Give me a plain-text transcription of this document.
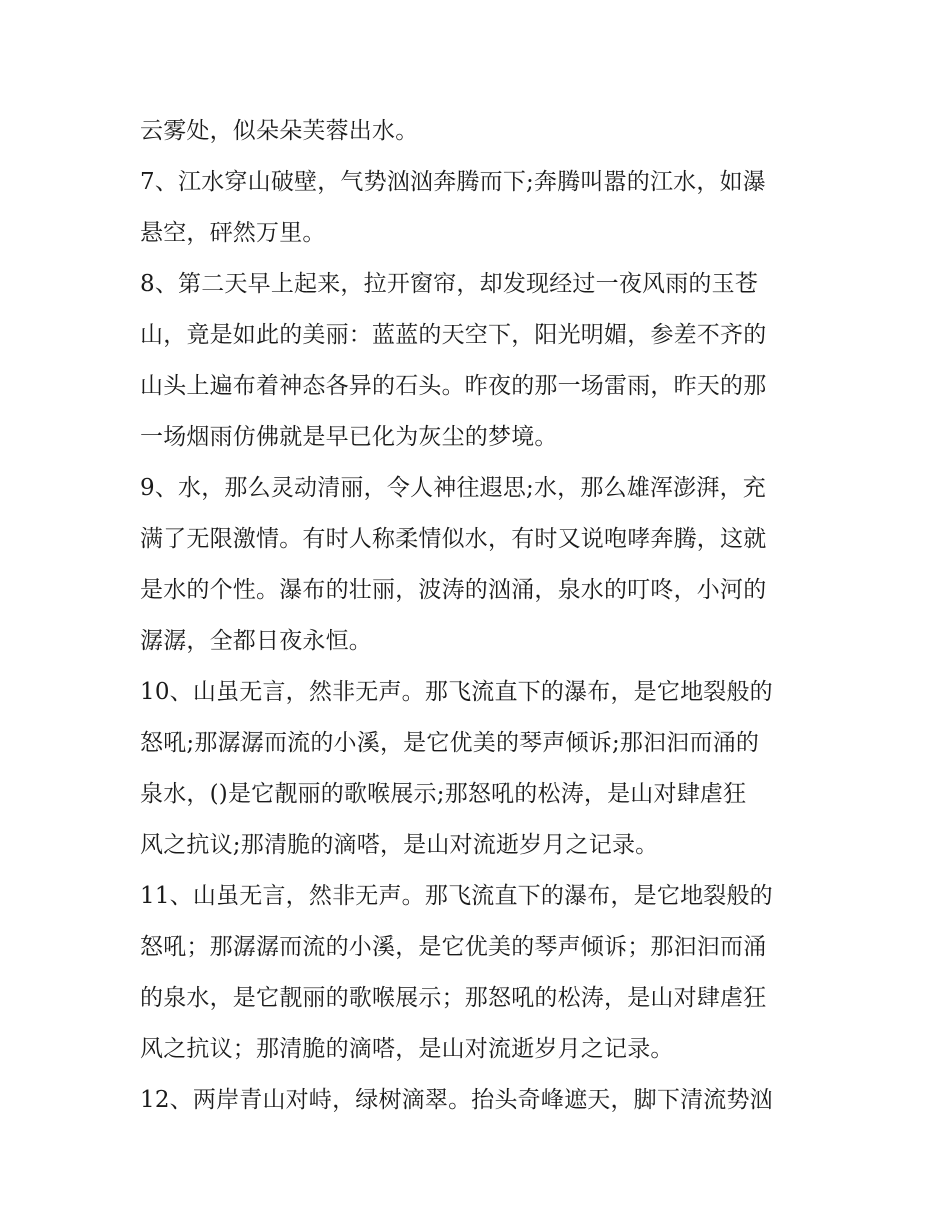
云雾处，似朵朵芙蓉出水。
7、江水穿山破壁，气势汹汹奔腾而下;奔腾叫嚣的江水，如瀑
悬空，砰然万里。
8、第二天早上起来，拉开窗帘，却发现经过一夜风雨的玉苍
山，竟是如此的美丽：蓝蓝的天空下，阳光明媚，参差不齐的
山头上遍布着神态各异的石头。昨夜的那一场雷雨，昨天的那
一场烟雨仿佛就是早已化为灰尘的梦境。
9、水，那么灵动清丽，令人神往遐思;水，那么雄浑澎湃，充
满了无限激情。有时人称柔情似水，有时又说咆哮奔腾，这就
是水的个性。瀑布的壮丽，波涛的汹涌，泉水的叮咚，小河的
潺潺，全都日夜永恒。
10、山虽无言，然非无声。那飞流直下的瀑布，是它地裂般的
怒吼;那潺潺而流的小溪，是它优美的琴声倾诉;那汩汩而涌的
泉水，()是它靓丽的歌喉展示;那怒吼的松涛，是山对肆虐狂
风之抗议;那清脆的滴嗒，是山对流逝岁月之记录。
11、山虽无言，然非无声。那飞流直下的瀑布，是它地裂般的
怒吼；那潺潺而流的小溪，是它优美的琴声倾诉；那汩汩而涌
的泉水，是它靓丽的歌喉展示；那怒吼的松涛，是山对肆虐狂
风之抗议；那清脆的滴嗒，是山对流逝岁月之记录。
12、两岸青山对峙，绿树滴翠。抬头奇峰遮天，脚下清流势汹
